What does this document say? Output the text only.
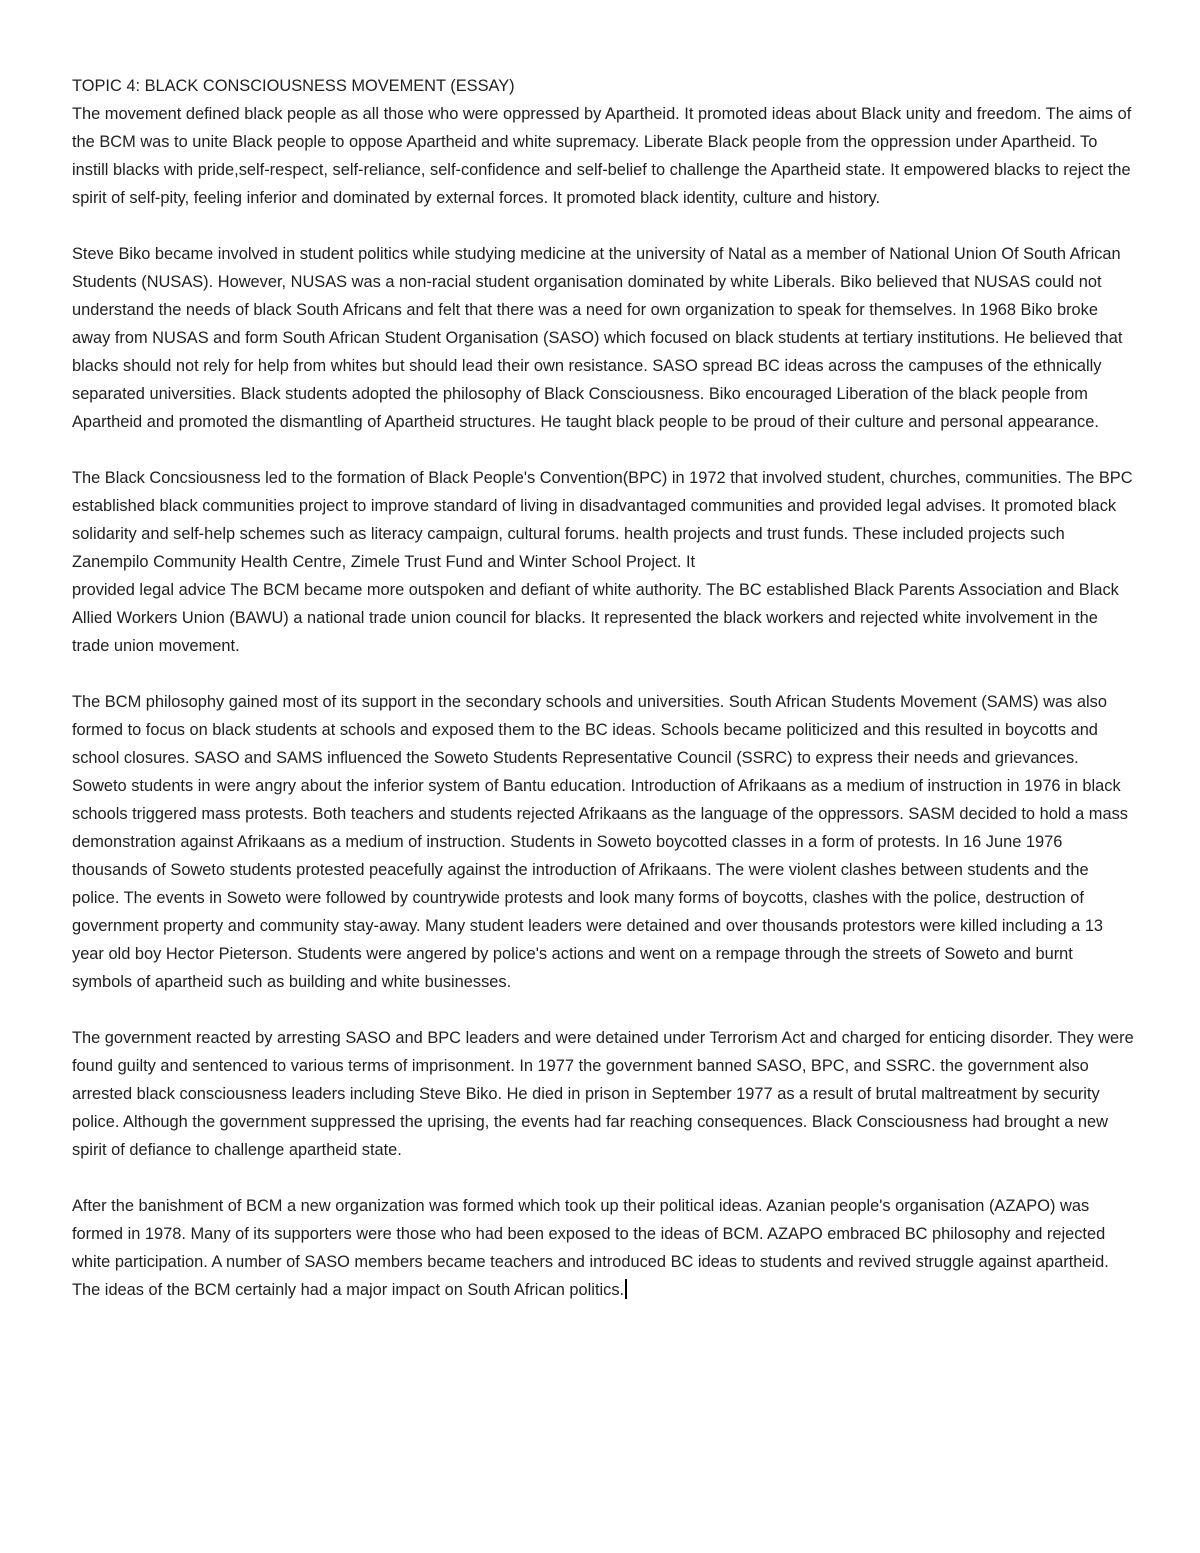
TOPIC 4: BLACK CONSCIOUSNESS MOVEMENT (ESSAY)

The movement defined black people as all those who were oppressed by Apartheid. It promoted ideas about Black unity and freedom. The aims of the BCM was to unite Black people to oppose Apartheid and white supremacy. Liberate Black people from the oppression under Apartheid. To instill blacks with pride,self-respect, self-reliance, self-confidence and self-belief to challenge the Apartheid state. It empowered blacks to reject the spirit of self-pity, feeling inferior and dominated by external forces. It promoted black identity, culture and history.

Steve Biko became involved in student politics while studying medicine at the university of Natal as a member of National Union Of South African Students (NUSAS). However, NUSAS was a non-racial student organisation dominated by white Liberals. Biko believed that NUSAS could not understand the needs of black South Africans and felt that there was a need for own organization to speak for themselves. In 1968 Biko broke away from NUSAS and form South African Student Organisation (SASO) which focused on black students at tertiary institutions. He believed that blacks should not rely for help from whites but should lead their own resistance. SASO spread BC ideas across the campuses of the ethnically separated universities. Black students adopted the philosophy of Black Consciousness. Biko encouraged Liberation of the black people from Apartheid and promoted the dismantling of Apartheid structures. He taught black people to be proud of their culture and personal appearance.

The Black Concsiousness led to the formation of Black People's Convention(BPC) in 1972 that involved student, churches, communities. The BPC established black communities project to improve standard of living in disadvantaged communities and provided legal advises. It promoted black solidarity and self-help schemes such as literacy campaign, cultural forums. health projects and trust funds. These included projects such Zanempilo Community Health Centre, Zimele Trust Fund and Winter School Project. It

provided legal advice The BCM became more outspoken and defiant of white authority. The BC established Black Parents Association and Black Allied Workers Union (BAWU) a national trade union council for blacks. It represented the black workers and rejected white involvement in the trade union movement.

The BCM philosophy gained most of its support in the secondary schools and universities. South African Students Movement (SAMS) was also formed to focus on black students at schools and exposed them to the BC ideas. Schools became politicized and this resulted in boycotts and school closures. SASO and SAMS influenced the Soweto Students Representative Council (SSRC) to express their needs and grievances. Soweto students in were angry about the inferior system of Bantu education. Introduction of Afrikaans as a medium of instruction in 1976 in black schools triggered mass protests. Both teachers and students rejected Afrikaans as the language of the oppressors. SASM decided to hold a mass demonstration against Afrikaans as a medium of instruction. Students in Soweto boycotted classes in a form of protests. In 16 June 1976 thousands of Soweto students protested peacefully against the introduction of Afrikaans. The were violent clashes between students and the police. The events in Soweto were followed by countrywide protests and look many forms of boycotts, clashes with the police, destruction of government property and community stay-away. Many student leaders were detained and over thousands protestors were killed including a 13 year old boy Hector Pieterson. Students were angered by police's actions and went on a rempage through the streets of Soweto and burnt symbols of apartheid such as building and white businesses.

The government reacted by arresting SASO and BPC leaders and were detained under Terrorism Act and charged for enticing disorder. They were found guilty and sentenced to various terms of imprisonment. In 1977 the government banned SASO, BPC, and SSRC. the government also arrested black consciousness leaders including Steve Biko. He died in prison in September 1977 as a result of brutal maltreatment by security police. Although the government suppressed the uprising, the events had far reaching consequences. Black Consciousness had brought a new spirit of defiance to challenge apartheid state.

After the banishment of BCM a new organization was formed which took up their political ideas. Azanian people's organisation (AZAPO) was formed in 1978. Many of its supporters were those who had been exposed to the ideas of BCM. AZAPO embraced BC philosophy and rejected white participation. A number of SASO members became teachers and introduced BC ideas to students and revived struggle against apartheid. The ideas of the BCM certainly had a major impact on South African politics.
